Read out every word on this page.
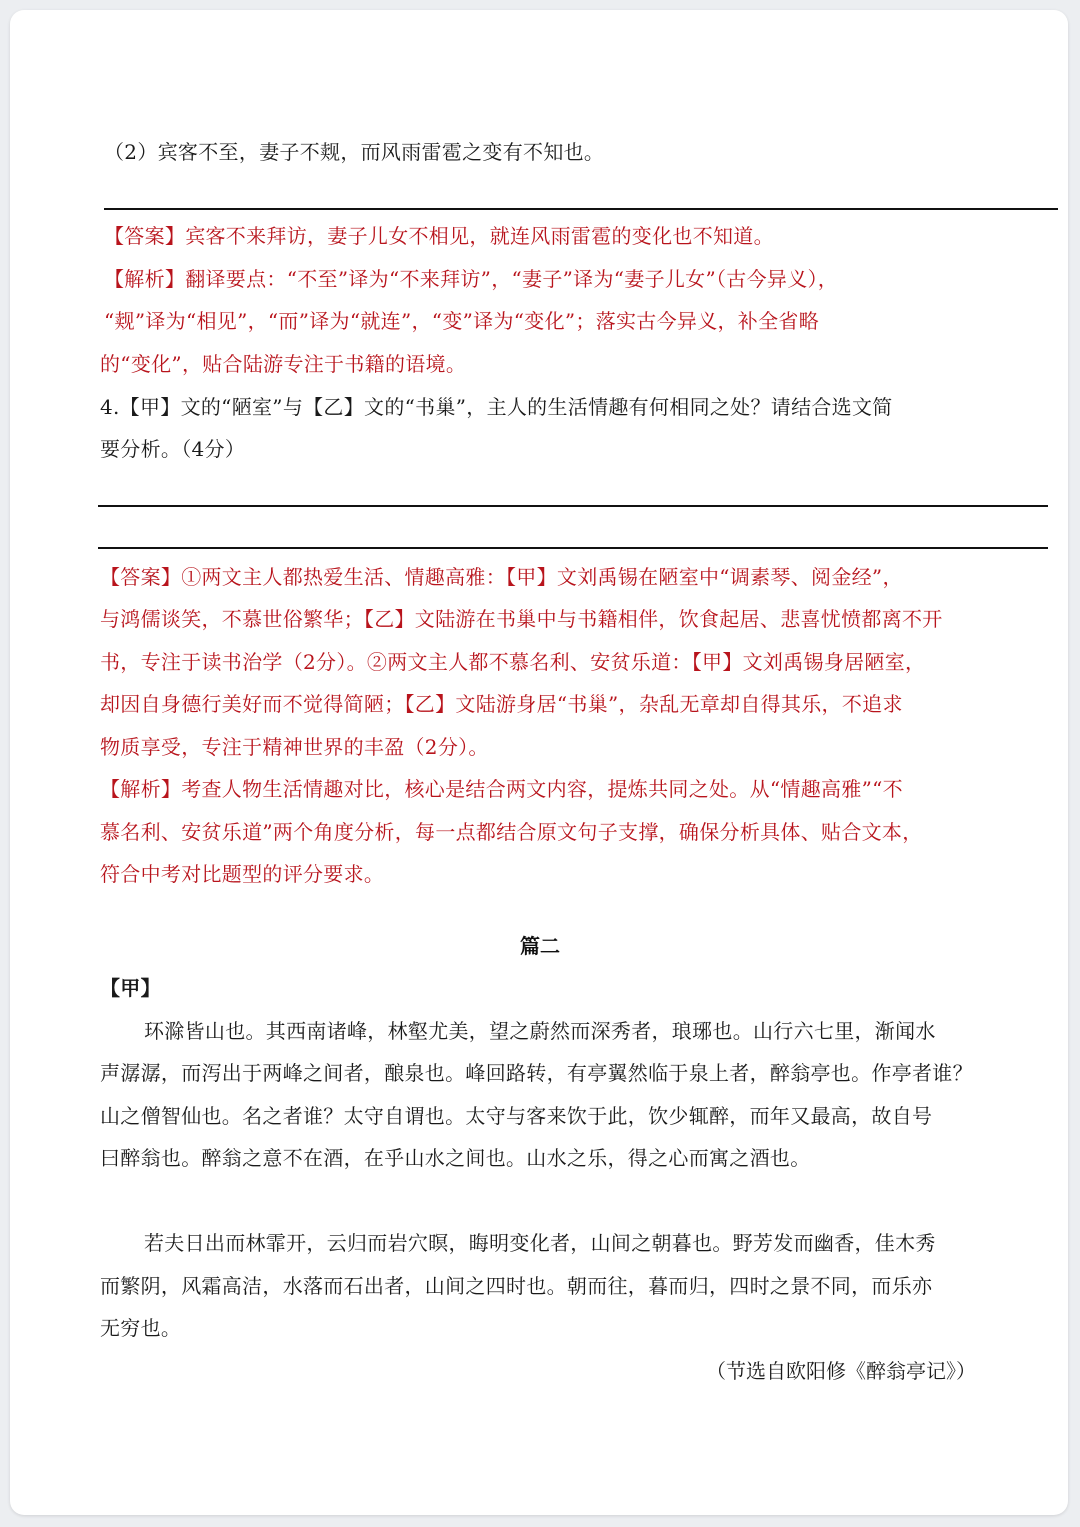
（2）宾客不至，妻子不觌，而风雨雷雹之变有不知也。
【答案】宾客不来拜访，妻子儿女不相见，就连风雨雷雹的变化也不知道。
【解析】翻译要点：“不至”译为“不来拜访”，“妻子”译为“妻子儿女”（古今异义），
“觌”译为“相见”，“而”译为“就连”，“变”译为“变化”；落实古今异义，补全省略
的“变化”，贴合陆游专注于书籍的语境。
4.【甲】文的“陋室”与【乙】文的“书巢”，主人的生活情趣有何相同之处？请结合选文简
要分析。（4分）
【答案】①两文主人都热爱生活、情趣高雅：【甲】文刘禹锡在陋室中“调素琴、阅金经”，
与鸿儒谈笑，不慕世俗繁华；【乙】文陆游在书巢中与书籍相伴，饮食起居、悲喜忧愤都离不开
书，专注于读书治学（2分）。②两文主人都不慕名利、安贫乐道：【甲】文刘禹锡身居陋室，
却因自身德行美好而不觉得简陋；【乙】文陆游身居“书巢”，杂乱无章却自得其乐，不追求
物质享受，专注于精神世界的丰盈（2分）。
【解析】考查人物生活情趣对比，核心是结合两文内容，提炼共同之处。从“情趣高雅”“不
慕名利、安贫乐道”两个角度分析，每一点都结合原文句子支撑，确保分析具体、贴合文本，
符合中考对比题型的评分要求。
篇二
【甲】
环滁皆山也。其西南诸峰，林壑尤美，望之蔚然而深秀者，琅琊也。山行六七里，渐闻水
声潺潺，而泻出于两峰之间者，酿泉也。峰回路转，有亭翼然临于泉上者，醉翁亭也。作亭者谁？
山之僧智仙也。名之者谁？太守自谓也。太守与客来饮于此，饮少辄醉，而年又最高，故自号
曰醉翁也。醉翁之意不在酒，在乎山水之间也。山水之乐，得之心而寓之酒也。
若夫日出而林霏开，云归而岩穴暝，晦明变化者，山间之朝暮也。野芳发而幽香，佳木秀
而繁阴，风霜高洁，水落而石出者，山间之四时也。朝而往，暮而归，四时之景不同，而乐亦
无穷也。
（节选自欧阳修《醉翁亭记》）
